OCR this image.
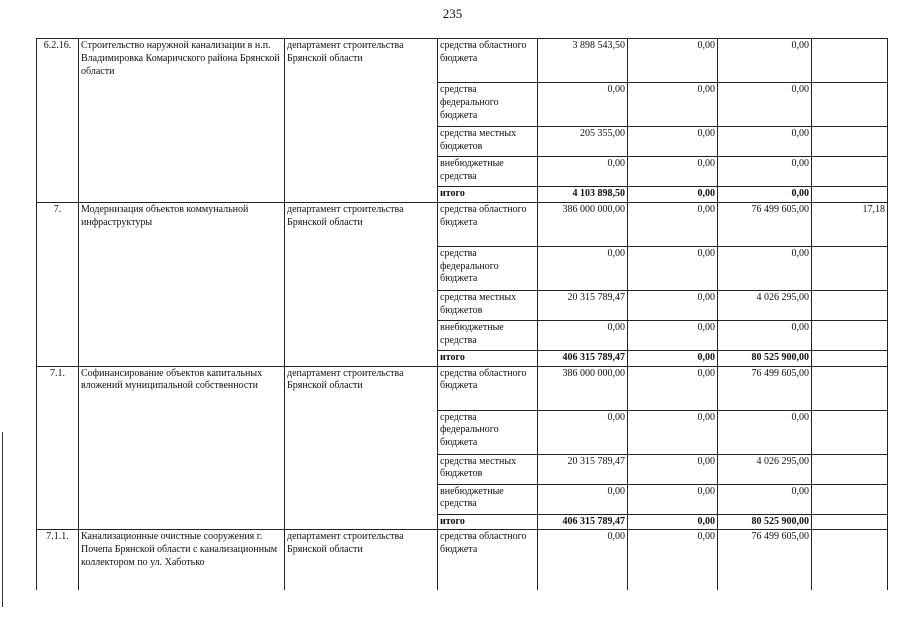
235
6.2.16.	Строительство наружной канализации в н.п. Владимировка Комаричского района Брянской области	департамент строительства Брянской области	средства областного бюджета	3 898 543,50	0,00	0,00	
			средства федерального бюджета	0,00	0,00	0,00	
			средства местных бюджетов	205 355,00	0,00	0,00	
			внебюджетные средства	0,00	0,00	0,00	
			итого	4 103 898,50	0,00	0,00	
7.	Модернизация объектов коммунальной инфраструктуры	департамент строительства Брянской области	средства областного бюджета	386 000 000,00	0,00	76 499 605,00	17,18
			средства федерального бюджета	0,00	0,00	0,00	
			средства местных бюджетов	20 315 789,47	0,00	4 026 295,00	
			внебюджетные средства	0,00	0,00	0,00	
			итого	406 315 789,47	0,00	80 525 900,00	
7.1.	Софинансирование объектов капитальных вложений муниципальной собственности	департамент строительства Брянской области	средства областного бюджета	386 000 000,00	0,00	76 499 605,00	
			средства федерального бюджета	0,00	0,00	0,00	
			средства местных бюджетов	20 315 789,47	0,00	4 026 295,00	
			внебюджетные средства	0,00	0,00	0,00	
			итого	406 315 789,47	0,00	80 525 900,00	
7.1.1.	Канализационные очистные сооружения г. Почепа Брянской области с канализационным коллектором по ул. Хаботько	департамент строительства Брянской области	средства областного бюджета	0,00	0,00	76 499 605,00	
